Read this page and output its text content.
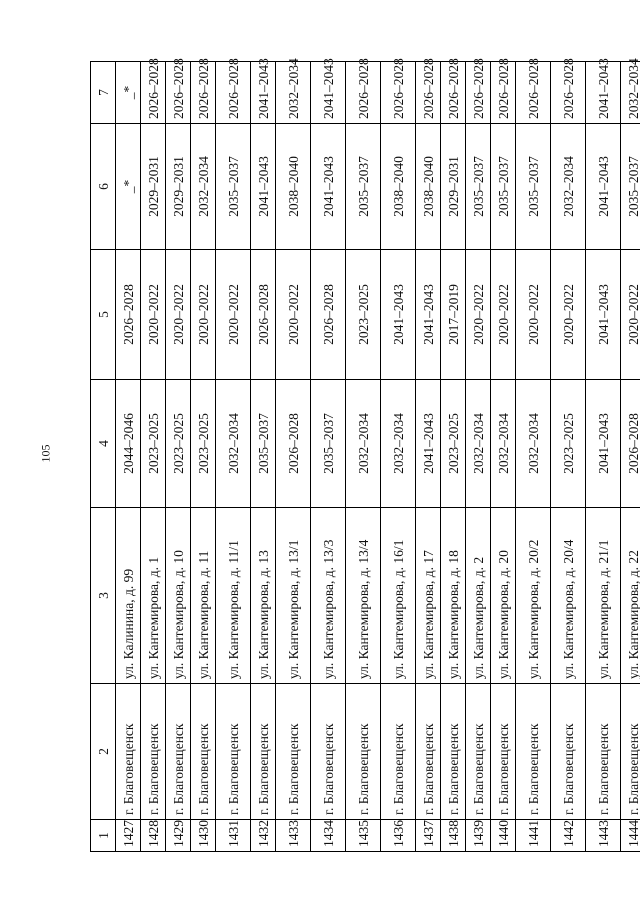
105
1	2	3	4	5	6	7
1427	г. Благовещенск	ул. Калинина, д. 99	2044–2046	2026–2028	_*	_*
1428	г. Благовещенск	ул. Кантемирова, д. 1	2023–2025	2020–2022	2029–2031	2026–2028
1429	г. Благовещенск	ул. Кантемирова, д. 10	2023–2025	2020–2022	2029–2031	2026–2028
1430	г. Благовещенск	ул. Кантемирова, д. 11	2023–2025	2020–2022	2032–2034	2026–2028
1431	г. Благовещенск	ул. Кантемирова, д. 11/1	2032–2034	2020–2022	2035–2037	2026–2028
1432	г. Благовещенск	ул. Кантемирова, д. 13	2035–2037	2026–2028	2041–2043	2041–2043
1433	г. Благовещенск	ул. Кантемирова, д. 13/1	2026–2028	2020–2022	2038–2040	2032–2034
1434	г. Благовещенск	ул. Кантемирова, д. 13/3	2035–2037	2026–2028	2041–2043	2041–2043
1435	г. Благовещенск	ул. Кантемирова, д. 13/4	2032–2034	2023–2025	2035–2037	2026–2028
1436	г. Благовещенск	ул. Кантемирова, д. 16/1	2032–2034	2041–2043	2038–2040	2026–2028
1437	г. Благовещенск	ул. Кантемирова, д. 17	2041–2043	2041–2043	2038–2040	2026–2028
1438	г. Благовещенск	ул. Кантемирова, д. 18	2023–2025	2017–2019	2029–2031	2026–2028
1439	г. Благовещенск	ул. Кантемирова, д. 2	2032–2034	2020–2022	2035–2037	2026–2028
1440	г. Благовещенск	ул. Кантемирова, д. 20	2032–2034	2020–2022	2035–2037	2026–2028
1441	г. Благовещенск	ул. Кантемирова, д. 20/2	2032–2034	2020–2022	2035–2037	2026–2028
1442	г. Благовещенск	ул. Кантемирова, д. 20/4	2023–2025	2020–2022	2032–2034	2026–2028
1443	г. Благовещенск	ул. Кантемирова, д. 21/1	2041–2043	2041–2043	2041–2043	2041–2043
1444	г. Благовещенск	ул. Кантемирова, д. 22	2026–2028	2020–2022	2035–2037	2032–2034
